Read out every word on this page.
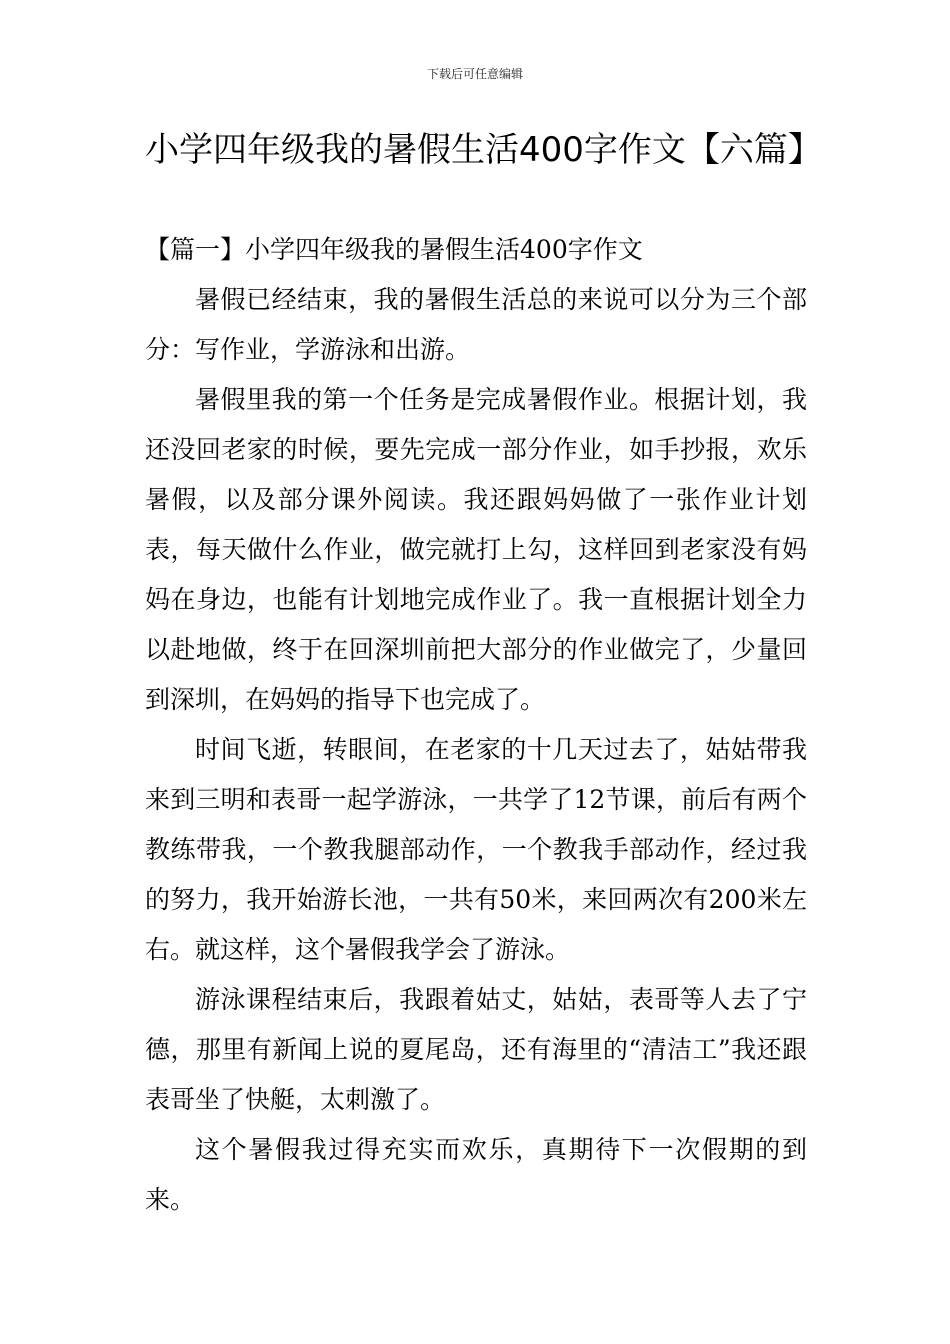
下载后可任意编辑
小学四年级我的暑假生活400字作文【六篇】

【篇一】小学四年级我的暑假生活400字作文

暑假已经结束，我的暑假生活总的来说可以分为三个部分：写作业，学游泳和出游。

暑假里我的第一个任务是完成暑假作业。根据计划，我还没回老家的时候，要先完成一部分作业，如手抄报，欢乐暑假，以及部分课外阅读。我还跟妈妈做了一张作业计划表，每天做什么作业，做完就打上勾，这样回到老家没有妈妈在身边，也能有计划地完成作业了。我一直根据计划全力以赴地做，终于在回深圳前把大部分的作业做完了，少量回到深圳，在妈妈的指导下也完成了。

时间飞逝，转眼间，在老家的十几天过去了，姑姑带我来到三明和表哥一起学游泳，一共学了12节课，前后有两个教练带我，一个教我腿部动作，一个教我手部动作，经过我的努力，我开始游长池，一共有50米，来回两次有200米左右。就这样，这个暑假我学会了游泳。

游泳课程结束后，我跟着姑丈，姑姑，表哥等人去了宁德，那里有新闻上说的夏尾岛，还有海里的“清洁工”我还跟表哥坐了快艇，太刺激了。

这个暑假我过得充实而欢乐，真期待下一次假期的到来。
